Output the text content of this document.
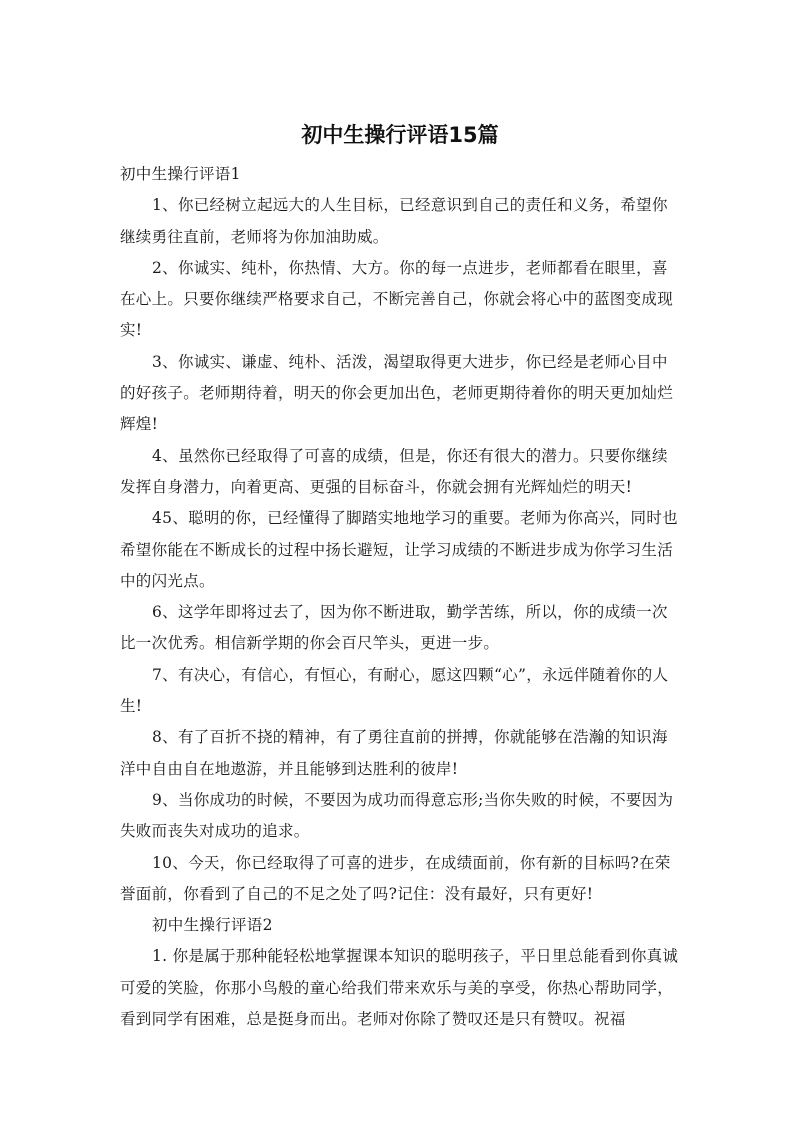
初中生操行评语15篇

初中生操行评语1

1、你已经树立起远大的人生目标，已经意识到自己的责任和义务，希望你继续勇往直前，老师将为你加油助威。

2、你诚实、纯朴，你热情、大方。你的每一点进步，老师都看在眼里，喜在心上。只要你继续严格要求自己，不断完善自己，你就会将心中的蓝图变成现实!

3、你诚实、谦虚、纯朴、活泼，渴望取得更大进步，你已经是老师心目中的好孩子。老师期待着，明天的你会更加出色，老师更期待着你的明天更加灿烂辉煌!

4、虽然你已经取得了可喜的成绩，但是，你还有很大的潜力。只要你继续发挥自身潜力，向着更高、更强的目标奋斗，你就会拥有光辉灿烂的明天!

45、聪明的你，已经懂得了脚踏实地地学习的重要。老师为你高兴，同时也希望你能在不断成长的过程中扬长避短，让学习成绩的不断进步成为你学习生活中的闪光点。

6、这学年即将过去了，因为你不断进取，勤学苦练，所以，你的成绩一次比一次优秀。相信新学期的你会百尺竿头，更进一步。

7、有决心，有信心，有恒心，有耐心，愿这四颗“心”，永远伴随着你的人生!

8、有了百折不挠的精神，有了勇往直前的拼搏，你就能够在浩瀚的知识海洋中自由自在地遨游，并且能够到达胜利的彼岸!

9、当你成功的时候，不要因为成功而得意忘形;当你失败的时候，不要因为失败而丧失对成功的追求。

10、今天，你已经取得了可喜的进步，在成绩面前，你有新的目标吗?在荣誉面前，你看到了自己的不足之处了吗?记住：没有最好，只有更好!

初中生操行评语2

1. 你是属于那种能轻松地掌握课本知识的聪明孩子，平日里总能看到你真诚可爱的笑脸，你那小鸟般的童心给我们带来欢乐与美的享受，你热心帮助同学，看到同学有困难，总是挺身而出。老师对你除了赞叹还是只有赞叹。祝福
